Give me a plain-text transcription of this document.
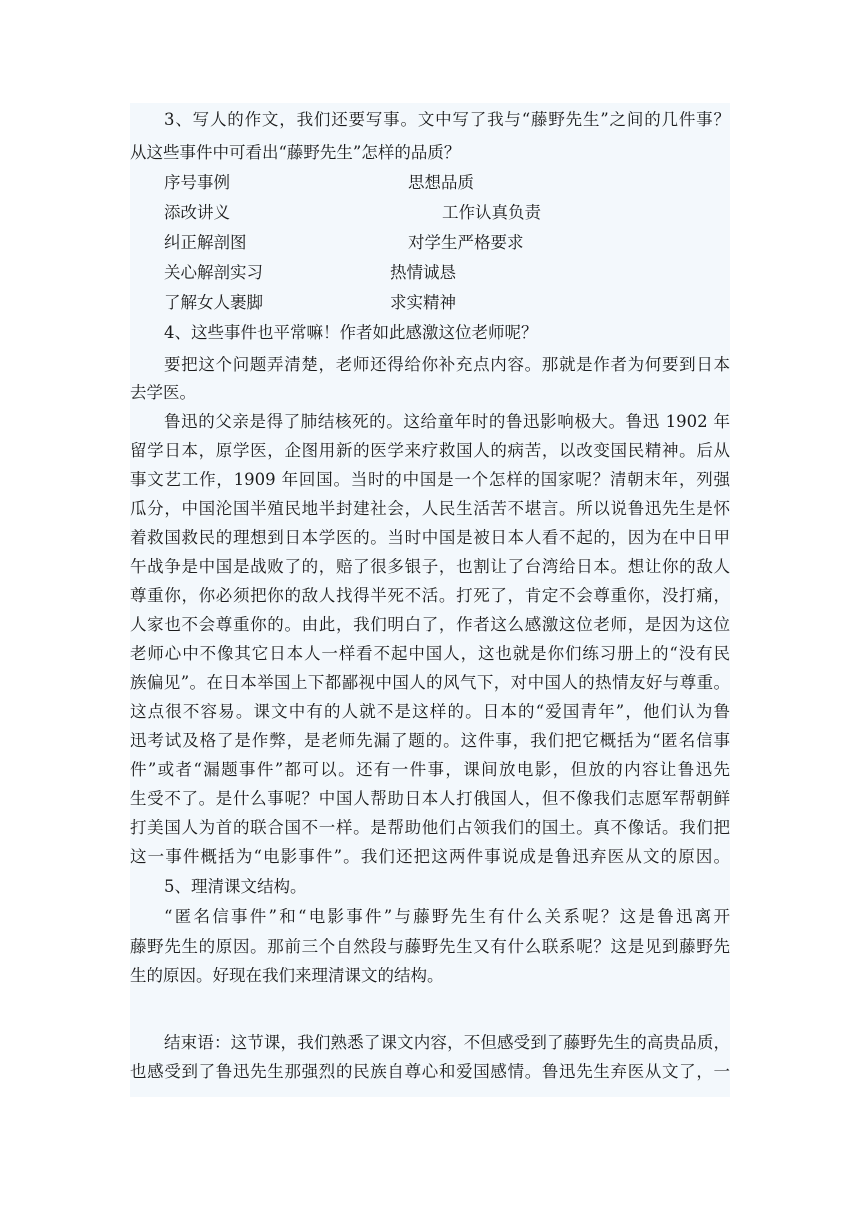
3、写人的作文，我们还要写事。文中写了我与“藤野先生”之间的几件事？
从这些事件中可看出“藤野先生”怎样的品质？
序号事例	思想品质
添改讲义	工作认真负责
纠正解剖图	对学生严格要求
关心解剖实习	热情诚恳
了解女人裹脚	求实精神
4、这些事件也平常嘛！作者如此感激这位老师呢？
要把这个问题弄清楚，老师还得给你补充点内容。那就是作者为何要到日本
去学医。
鲁迅的父亲是得了肺结核死的。这给童年时的鲁迅影响极大。鲁迅 1902 年
留学日本，原学医，企图用新的医学来疗救国人的病苦，以改变国民精神。后从
事文艺工作，1909 年回国。当时的中国是一个怎样的国家呢？清朝末年，列强
瓜分，中国沦国半殖民地半封建社会，人民生活苦不堪言。所以说鲁迅先生是怀
着救国救民的理想到日本学医的。当时中国是被日本人看不起的，因为在中日甲
午战争是中国是战败了的，赔了很多银子，也割让了台湾给日本。想让你的敌人
尊重你，你必须把你的敌人找得半死不活。打死了，肯定不会尊重你，没打痛，
人家也不会尊重你的。由此，我们明白了，作者这么感激这位老师，是因为这位
老师心中不像其它日本人一样看不起中国人，这也就是你们练习册上的“没有民
族偏见”。在日本举国上下都鄙视中国人的风气下，对中国人的热情友好与尊重。
这点很不容易。课文中有的人就不是这样的。日本的“爱国青年”，他们认为鲁
迅考试及格了是作弊，是老师先漏了题的。这件事，我们把它概括为“匿名信事
件”或者“漏题事件”都可以。还有一件事，课间放电影，但放的内容让鲁迅先
生受不了。是什么事呢？中国人帮助日本人打俄国人，但不像我们志愿军帮朝鲜
打美国人为首的联合国不一样。是帮助他们占领我们的国土。真不像话。我们把
这一事件概括为“电影事件”。我们还把这两件事说成是鲁迅弃医从文的原因。
5、理清课文结构。
“匿名信事件”和“电影事件”与藤野先生有什么关系呢？这是鲁迅离开
藤野先生的原因。那前三个自然段与藤野先生又有什么联系呢？这是见到藤野先
生的原因。好现在我们来理清课文的结构。
结束语：这节课，我们熟悉了课文内容，不但感受到了藤野先生的高贵品质，
也感受到了鲁迅先生那强烈的民族自尊心和爱国感情。鲁迅先生弃医从文了，一
